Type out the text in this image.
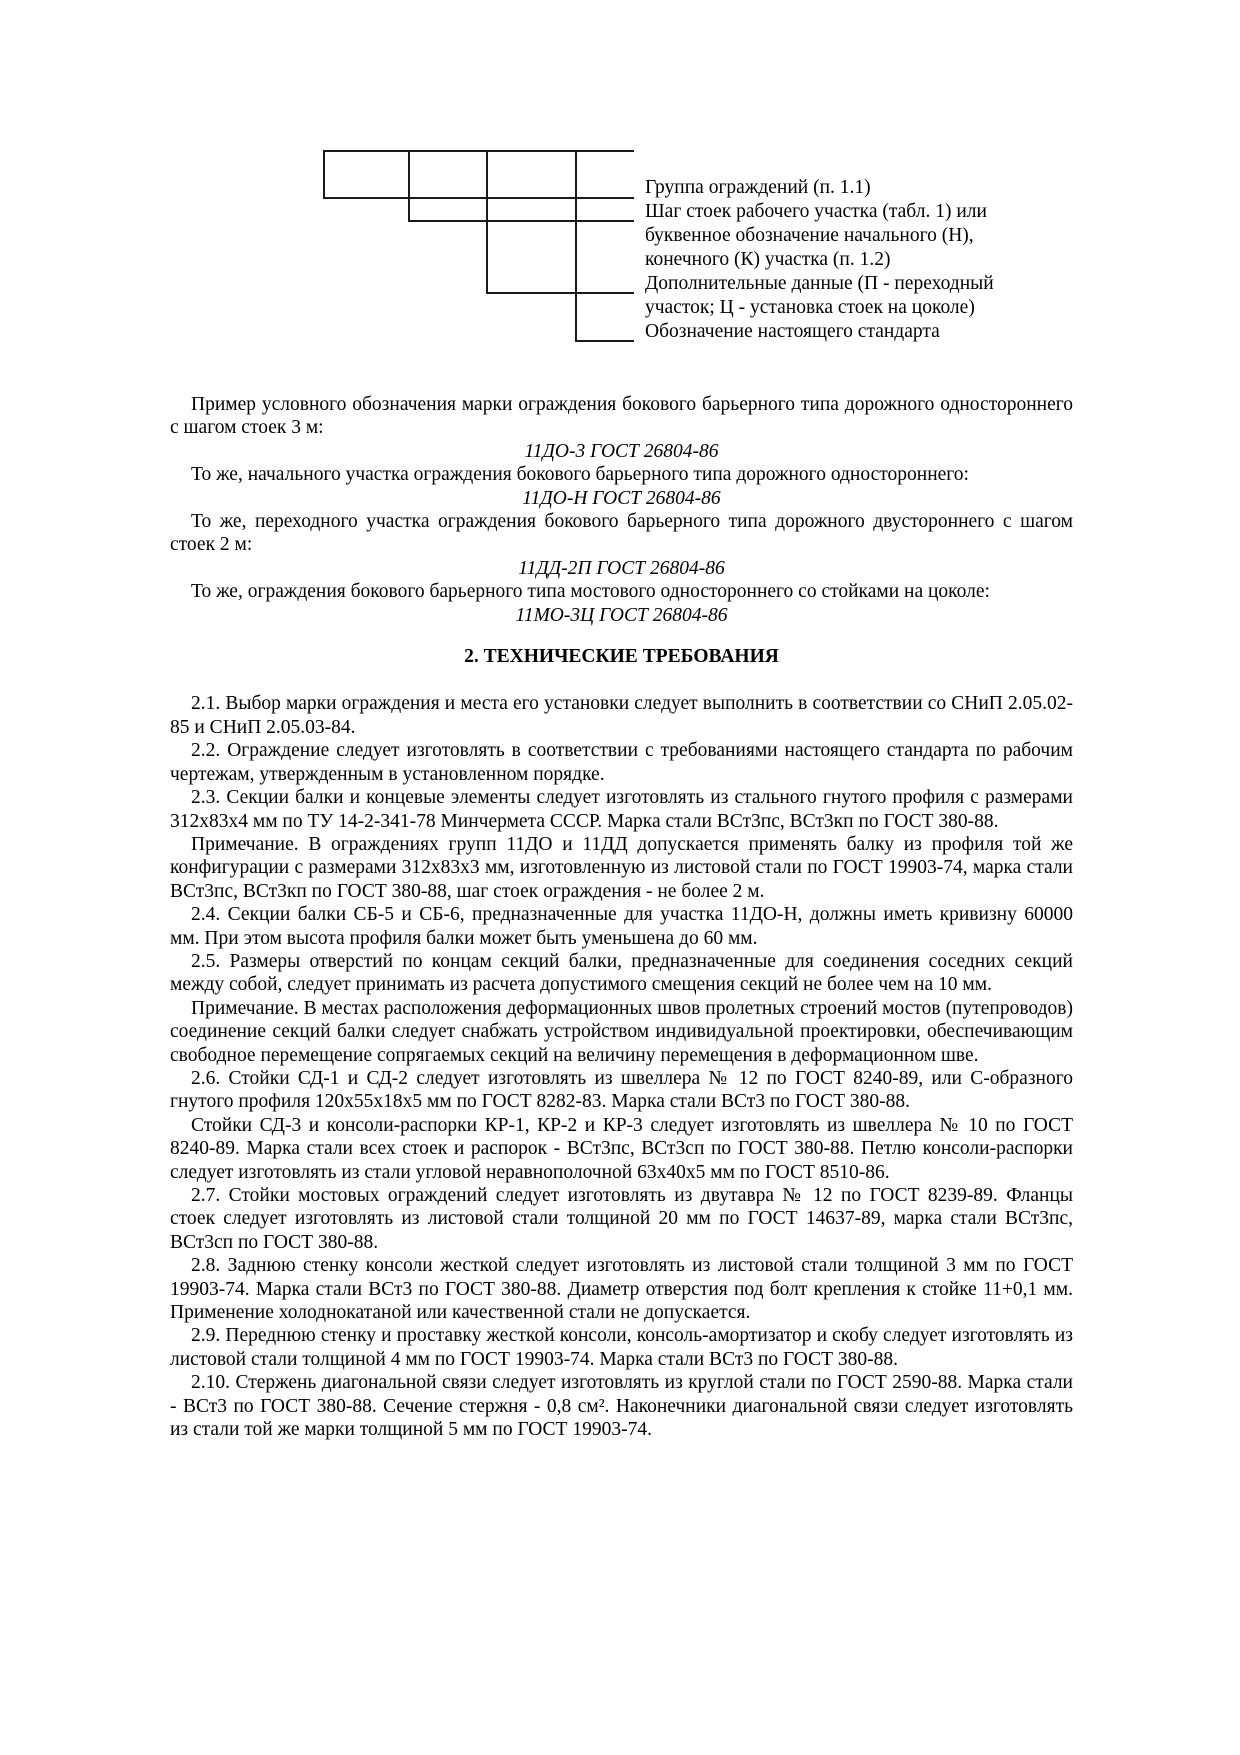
Группа ограждений (п. 1.1)
Шаг стоек рабочего участка (табл. 1) или
буквенное обозначение начального (Н),
конечного (К) участка (п. 1.2)
Дополнительные данные (П - переходный
участок; Ц - установка стоек на цоколе)
Обозначение настоящего стандарта

Пример условного обозначения марки ограждения бокового барьерного типа дорожного одностороннего с шагом стоек 3 м:

11ДО-3 ГОСТ 26804-86

То же, начального участка ограждения бокового барьерного типа дорожного одностороннего:

11ДО-Н ГОСТ 26804-86

То же, переходного участка ограждения бокового барьерного типа дорожного двустороннего с шагом стоек 2 м:

11ДД-2П ГОСТ 26804-86

То же, ограждения бокового барьерного типа мостового одностороннего со стойками на цоколе:

11МО-3Ц ГОСТ 26804-86

2. ТЕХНИЧЕСКИЕ ТРЕБОВАНИЯ

2.1. Выбор марки ограждения и места его установки следует выполнить в соответствии со СНиП 2.05.02-85 и СНиП 2.05.03-84.

2.2. Ограждение следует изготовлять в соответствии с требованиями настоящего стандарта по рабочим чертежам, утвержденным в установленном порядке.

2.3. Секции балки и концевые элементы следует изготовлять из стального гнутого профиля с размерами 312х83х4 мм по ТУ 14-2-341-78 Минчермета СССР. Марка стали ВСт3пс, ВСт3кп по ГОСТ 380-88.

Примечание. В ограждениях групп 11ДО и 11ДД допускается применять балку из профиля той же конфигурации с размерами 312х83х3 мм, изготовленную из листовой стали по ГОСТ 19903-74, марка стали ВСт3пс, ВСт3кп по ГОСТ 380-88, шаг стоек ограждения - не более 2 м.

2.4. Секции балки СБ-5 и СБ-6, предназначенные для участка 11ДО-Н, должны иметь кривизну 60000 мм. При этом высота профиля балки может быть уменьшена до 60 мм.

2.5. Размеры отверстий по концам секций балки, предназначенные для соединения соседних секций между собой, следует принимать из расчета допустимого смещения секций не более чем на 10 мм.

Примечание. В местах расположения деформационных швов пролетных строений мостов (путепроводов) соединение секций балки следует снабжать устройством индивидуальной проектировки, обеспечивающим свободное перемещение сопрягаемых секций на величину перемещения в деформационном шве.

2.6. Стойки СД-1 и СД-2 следует изготовлять из швеллера № 12 по ГОСТ 8240-89, или С-образного гнутого профиля 120х55х18х5 мм по ГОСТ 8282-83. Марка стали ВСт3 по ГОСТ 380-88.

Стойки СД-3 и консоли-распорки КР-1, КР-2 и КР-3 следует изготовлять из швеллера № 10 по ГОСТ 8240-89. Марка стали всех стоек и распорок - ВСт3пс, ВСт3сп по ГОСТ 380-88. Петлю консоли-распорки следует изготовлять из стали угловой неравнополочной 63х40х5 мм по ГОСТ 8510-86.

2.7. Стойки мостовых ограждений следует изготовлять из двутавра № 12 по ГОСТ 8239-89. Фланцы стоек следует изготовлять из листовой стали толщиной 20 мм по ГОСТ 14637-89, марка стали ВСт3пс, ВСт3сп по ГОСТ 380-88.

2.8. Заднюю стенку консоли жесткой следует изготовлять из листовой стали толщиной 3 мм по ГОСТ 19903-74. Марка стали ВСт3 по ГОСТ 380-88. Диаметр отверстия под болт крепления к стойке 11+0,1 мм. Применение холоднокатаной или качественной стали не допускается.

2.9. Переднюю стенку и проставку жесткой консоли, консоль-амортизатор и скобу следует изготовлять из листовой стали толщиной 4 мм по ГОСТ 19903-74. Марка стали ВСт3 по ГОСТ 380-88.

2.10. Стержень диагональной связи следует изготовлять из круглой стали по ГОСТ 2590-88. Марка стали - ВСт3 по ГОСТ 380-88. Сечение стержня - 0,8 см². Наконечники диагональной связи следует изготовлять из стали той же марки толщиной 5 мм по ГОСТ 19903-74.
